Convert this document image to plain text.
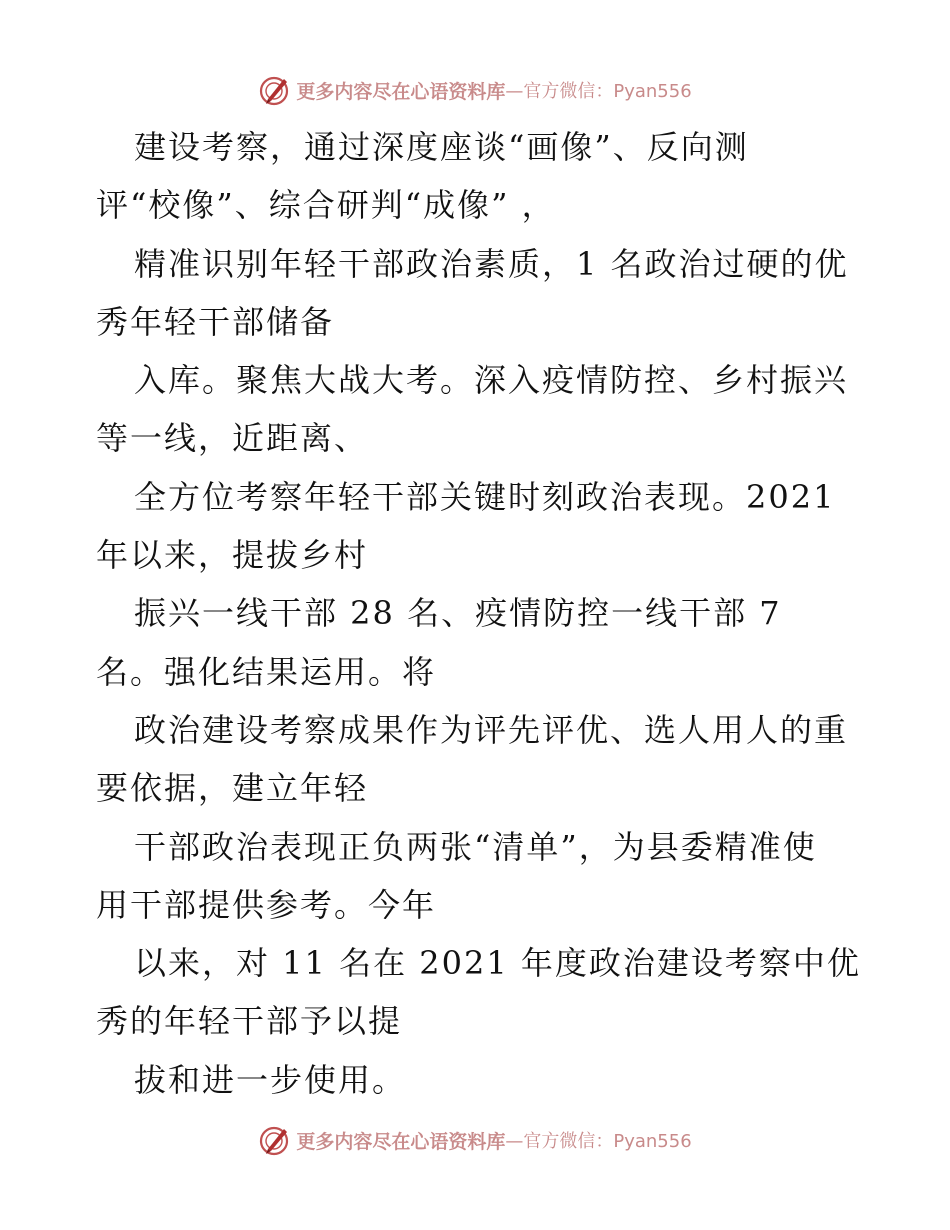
更多内容尽在心语资料库 —官方微信：Pyan556
建设考察，通过深度座谈“画像”、反向测
评“校像”、综合研判“成像” ，
精准识别年轻干部政治素质，1 名政治过硬的优
秀年轻干部储备
入库。聚焦大战大考。深入疫情防控、乡村振兴
等一线，近距离、
全方位考察年轻干部关键时刻政治表现。2021
年以来，提拔乡村
振兴一线干部 28 名、疫情防控一线干部 7
名。强化结果运用。将
政治建设考察成果作为评先评优、选人用人的重
要依据，建立年轻
干部政治表现正负两张“清单”，为县委精准使
用干部提供参考。今年
以来，对 11 名在 2021 年度政治建设考察中优
秀的年轻干部予以提
拔和进一步使用。
更多内容尽在心语资料库 —官方微信：Pyan556
